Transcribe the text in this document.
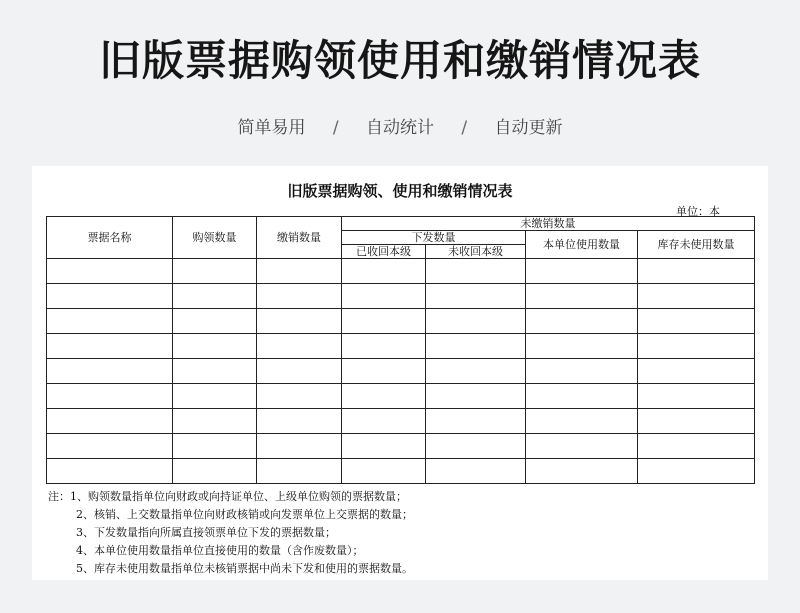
旧版票据购领使用和缴销情况表
简单易用 / 自动统计 / 自动更新
旧版票据购领、使用和缴销情况表
单位：本
票据名称	购领数量	缴销数量	未缴销数量			
			下发数量		本单位使用数量	库存未使用数量
			已收回本级	未收回本级		

注：1、购领数量指单位向财政或向持证单位、上级单位购领的票据数量；
2、核销、上交数量指单位向财政核销或向发票单位上交票据的数量；
3、下发数量指向所属直接领票单位下发的票据数量；
4、本单位使用数量指单位直接使用的数量（含作废数量）；
5、库存未使用数量指单位未核销票据中尚未下发和使用的票据数量。
